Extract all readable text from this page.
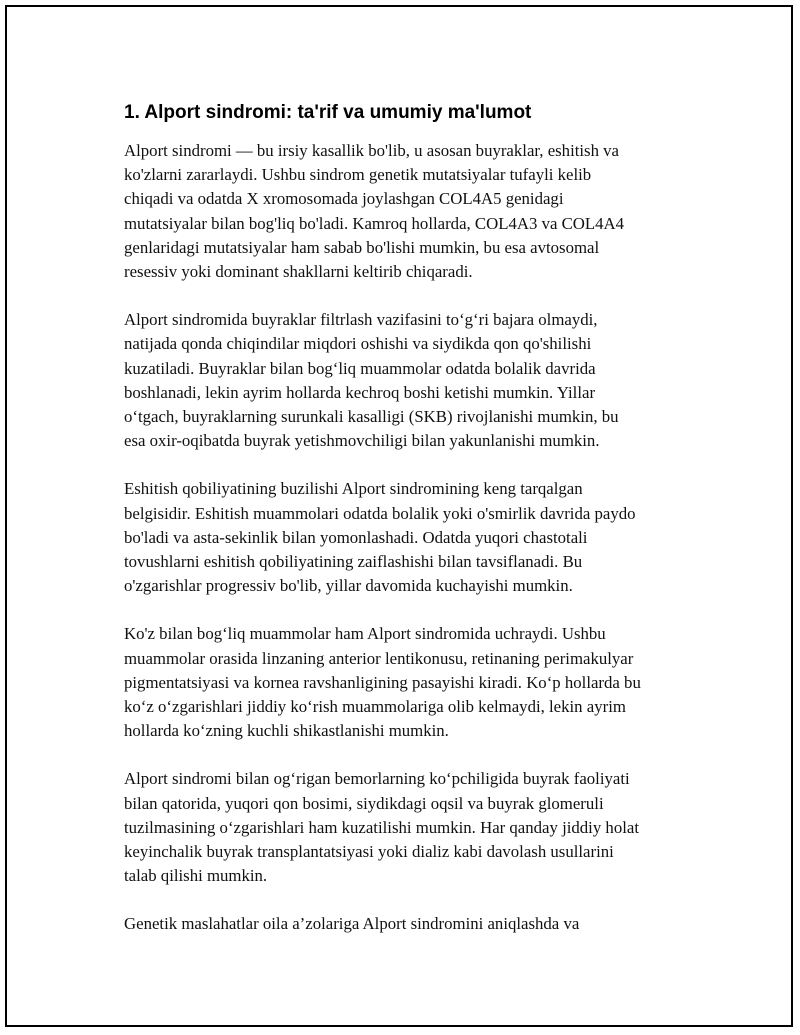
1. Alport sindromi: ta'rif va umumiy ma'lumot

Alport sindromi — bu irsiy kasallik bo'lib, u asosan buyraklar, eshitish va
ko'zlarni zararlaydi. Ushbu sindrom genetik mutatsiyalar tufayli kelib
chiqadi va odatda X xromosomada joylashgan COL4A5 genidagi
mutatsiyalar bilan bog'liq bo'ladi. Kamroq hollarda, COL4A3 va COL4A4
genlaridagi mutatsiyalar ham sabab bo'lishi mumkin, bu esa avtosomal
resessiv yoki dominant shakllarni keltirib chiqaradi.

Alport sindromida buyraklar filtrlash vazifasini to‘g‘ri bajara olmaydi,
natijada qonda chiqindilar miqdori oshishi va siydikda qon qo'shilishi
kuzatiladi. Buyraklar bilan bog‘liq muammolar odatda bolalik davrida
boshlanadi, lekin ayrim hollarda kechroq boshi ketishi mumkin. Yillar
o‘tgach, buyraklarning surunkali kasalligi (SKB) rivojlanishi mumkin, bu
esa oxir-oqibatda buyrak yetishmovchiligi bilan yakunlanishi mumkin.

Eshitish qobiliyatining buzilishi Alport sindromining keng tarqalgan
belgisidir. Eshitish muammolari odatda bolalik yoki o'smirlik davrida paydo
bo'ladi va asta-sekinlik bilan yomonlashadi. Odatda yuqori chastotali
tovushlarni eshitish qobiliyatining zaiflashishi bilan tavsiflanadi. Bu
o'zgarishlar progressiv bo'lib, yillar davomida kuchayishi mumkin.

Ko'z bilan bog‘liq muammolar ham Alport sindromida uchraydi. Ushbu
muammolar orasida linzaning anterior lentikonusu, retinaning perimakulyar
pigmentatsiyasi va kornea ravshanligining pasayishi kiradi. Ko‘p hollarda bu
ko‘z o‘zgarishlari jiddiy ko‘rish muammolariga olib kelmaydi, lekin ayrim
hollarda ko‘zning kuchli shikastlanishi mumkin.

Alport sindromi bilan og‘rigan bemorlarning ko‘pchiligida buyrak faoliyati
bilan qatorida, yuqori qon bosimi, siydikdagi oqsil va buyrak glomeruli
tuzilmasining o‘zgarishlari ham kuzatilishi mumkin. Har qanday jiddiy holat
keyinchalik buyrak transplantatsiyasi yoki dializ kabi davolash usullarini
talab qilishi mumkin.

Genetik maslahatlar oila a’zolariga Alport sindromini aniqlashda va
